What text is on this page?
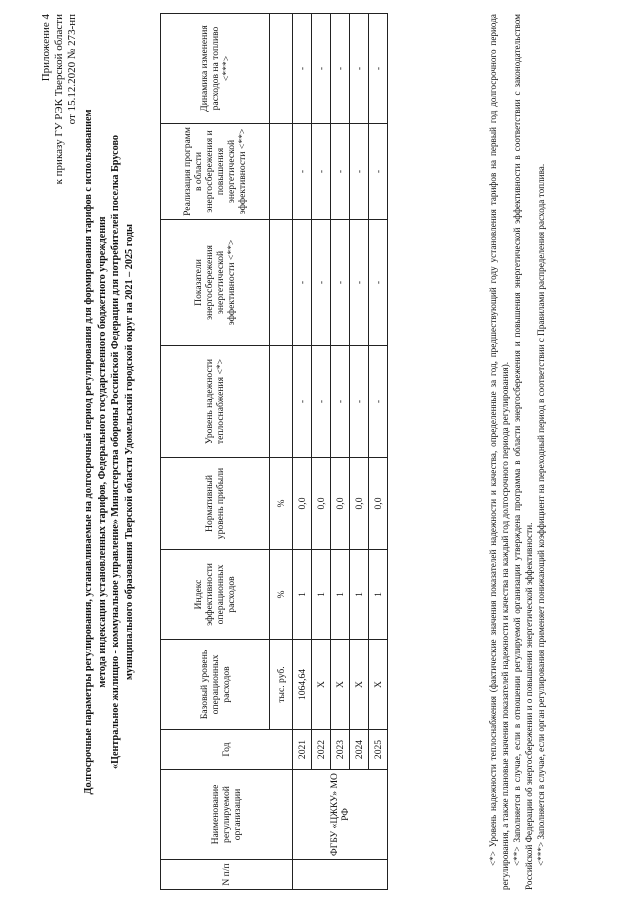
Приложение 4 к приказу ГУ РЭК Тверской области от 15.12.2020 № 273-нп
Долгосрочные параметры регулирования, устанавливаемые на долгосрочный период регулирования для формирования тарифов с использованием метода индексации установленных тарифов, Федерального государственного бюджетного учреждения «Центральное жилищно - коммунальное управление» Министерства обороны Российской Федерации для потребителей поселка Брусово муниципального образования Тверской области Удомельский городской округ на 2021 – 2025 годы
N п/п	Наименование регулируемой организации	Год	Базовый уровень операционных расходов	Индекс эффективности операционных расходов	Нормативный уровень прибыли	Уровень надежности теплоснабжения <*>	Показатели энергосбережения энергетической эффективности <**>	Реализация программ в области энергосбережения и повышения энергетической эффективности <**>	Динамика изменения расходов на топливо <***>
			тыс. руб.	%	%				
	ФГБУ «ЦЖКУ» МО РФ	2021	1064,64	1	0,0	-	-	-	-
		2022	X	1	0,0	-	-	-	-
		2023	X	1	0,0	-	-	-	-
		2024	X	1	0,0	-	-	-	-
		2025	X	1	0,0	-	-	-	-	<*> Уровень надежности теплоснабжения (фактические значения показателей надежности и качества, определенные за год, предшествующий году установления тарифов на первый год долгосрочного периода регулирования, а также плановые значения показателей надежности и качества на каждый год долгосрочного периода регулирования). <**> Заполняется в случае, если в отношении регулируемой организации утверждена программа в области энергосбережения и повышения энергетической эффективности в соответствии с законодательством Российской Федерации об энергосбережении и о повышении энергетической эффективности. <***> Заполняется в случае, если орган регулирования применяет понижающий коэффициент на переходный период в соответствии с Правилами распределения расхода топлива.
